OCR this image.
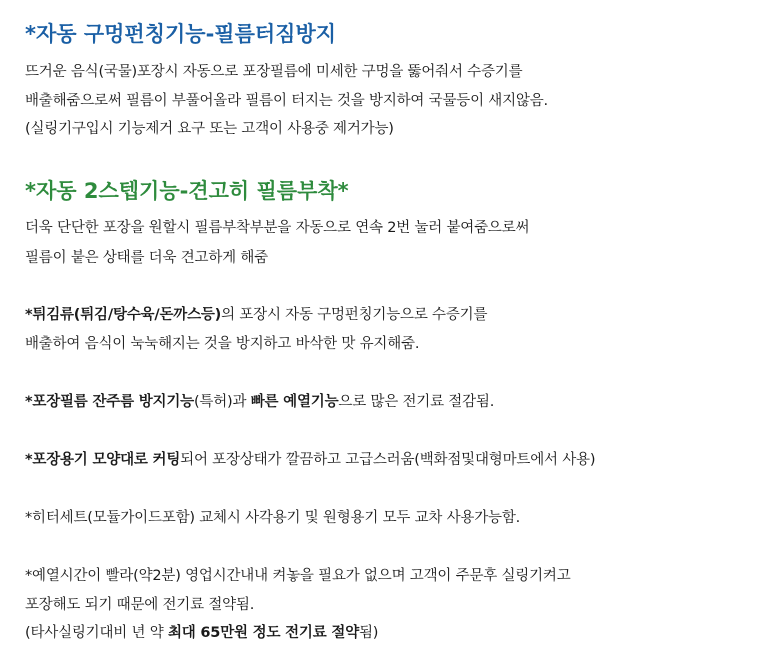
*자동 구멍펀칭기능-필름터짐방지

뜨거운 음식(국물)포장시 자동으로 포장필름에 미세한 구멍을 뚫어줘서 수증기를

배출해줌으로써 필름이 부풀어올라 필름이 터지는 것을 방지하여 국물등이 새지않음.

(실링기구입시 기능제거 요구 또는 고객이 사용중 제거가능)

*자동 2스텝기능-견고히 필름부착*

더욱 단단한 포장을 원할시 필름부착부분을 자동으로 연속 2번 눌러 붙여줌으로써

필름이 붙은 상태를 더욱 견고하게 해줌

*튀김류(튀김/탕수육/돈까스등)의 포장시 자동 구멍펀칭기능으로 수증기를

배출하여 음식이 눅눅해지는 것을 방지하고 바삭한 맛 유지해줌.

*포장필름 잔주름 방지기능(특허)과 빠른 예열기능으로 많은 전기료 절감됨.

*포장용기 모양대로 커팅되어 포장상태가 깔끔하고 고급스러움(백화점및대형마트에서 사용)

*히터세트(모듈가이드포함) 교체시 사각용기 및 원형용기 모두 교차 사용가능함.

*예열시간이 빨라(약2분) 영업시간내내 켜놓을 필요가 없으며 고객이 주문후 실링기켜고

포장해도 되기 때문에 전기료 절약됨.

(타사실링기대비 년 약 최대 65만원 정도 전기료 절약됨)
